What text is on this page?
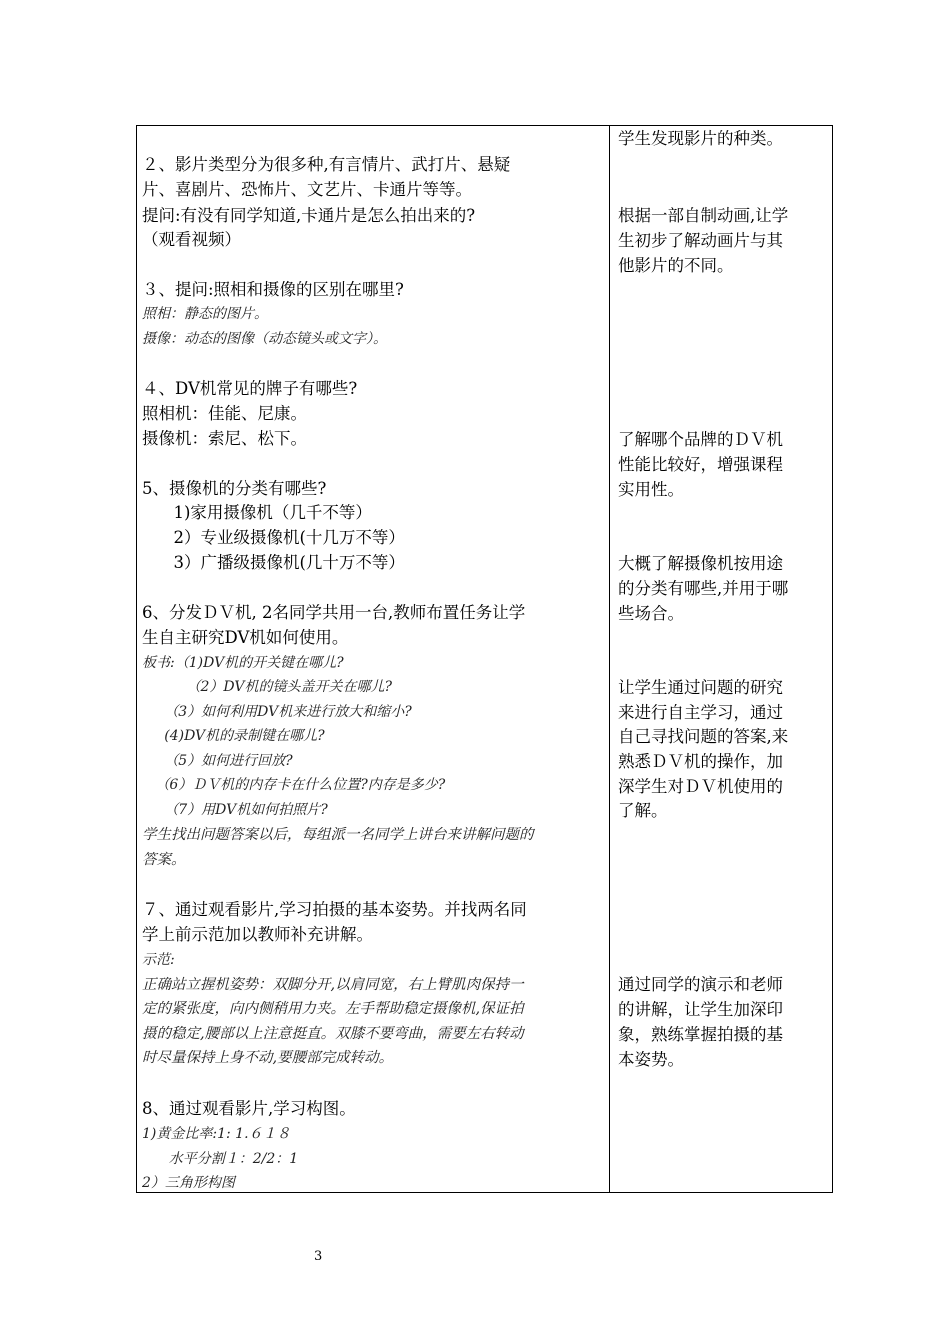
２、影片类型分为很多种,有言情片、武打片、悬疑
片、喜剧片、恐怖片、文艺片、卡通片等等。
提问:有没有同学知道,卡通片是怎么拍出来的?
（观看视频）
３、提问:照相和摄像的区别在哪里?
照相：静态的图片。
摄像：动态的图像（动态镜头或文字）。
４、DV机常见的牌子有哪些?
照相机：佳能、尼康。
摄像机：索尼、松下。
5、摄像机的分类有哪些?
1)家用摄像机（几千不等）
2）专业级摄像机(十几万不等）
3）广播级摄像机(几十万不等）
6、分发ＤＶ机, 2名同学共用一台,教师布置任务让学
生自主研究DV机如何使用。
板书:（1)DV机的开关键在哪儿?
（2）DV机的镜头盖开关在哪儿?
（3）如何利用DV机来进行放大和缩小?
(4)DV机的录制键在哪儿?
（5）如何进行回放?
（6）ＤＶ机的内存卡在什么位置?内存是多少?
（7）用DV机如何拍照片?
学生找出问题答案以后，每组派一名同学上讲台来讲解问题的
答案。
７、通过观看影片,学习拍摄的基本姿势。并找两名同
学上前示范加以教师补充讲解。
示范:
正确站立握机姿势：双脚分开,以肩同宽，右上臂肌肉保持一
定的紧张度，向内侧稍用力夹。左手帮助稳定摄像机,保证拍
摄的稳定,腰部以上注意挺直。双膝不要弯曲，需要左右转动
时尽量保持上身不动,要腰部完成转动。
8、通过观看影片,学习构图。
1)黄金比率:1: 1.６１８
水平分割１：2/2：1
2）三角形构图
学生发现影片的种类。
根据一部自制动画,让学
生初步了解动画片与其
他影片的不同。
了解哪个品牌的ＤＶ机
性能比较好，增强课程
实用性。
大概了解摄像机按用途
的分类有哪些,并用于哪
些场合。
让学生通过问题的研究
来进行自主学习，通过
自己寻找问题的答案,来
熟悉ＤＶ机的操作，加
深学生对ＤＶ机使用的
了解。
通过同学的演示和老师
的讲解，让学生加深印
象，熟练掌握拍摄的基
本姿势。
3
